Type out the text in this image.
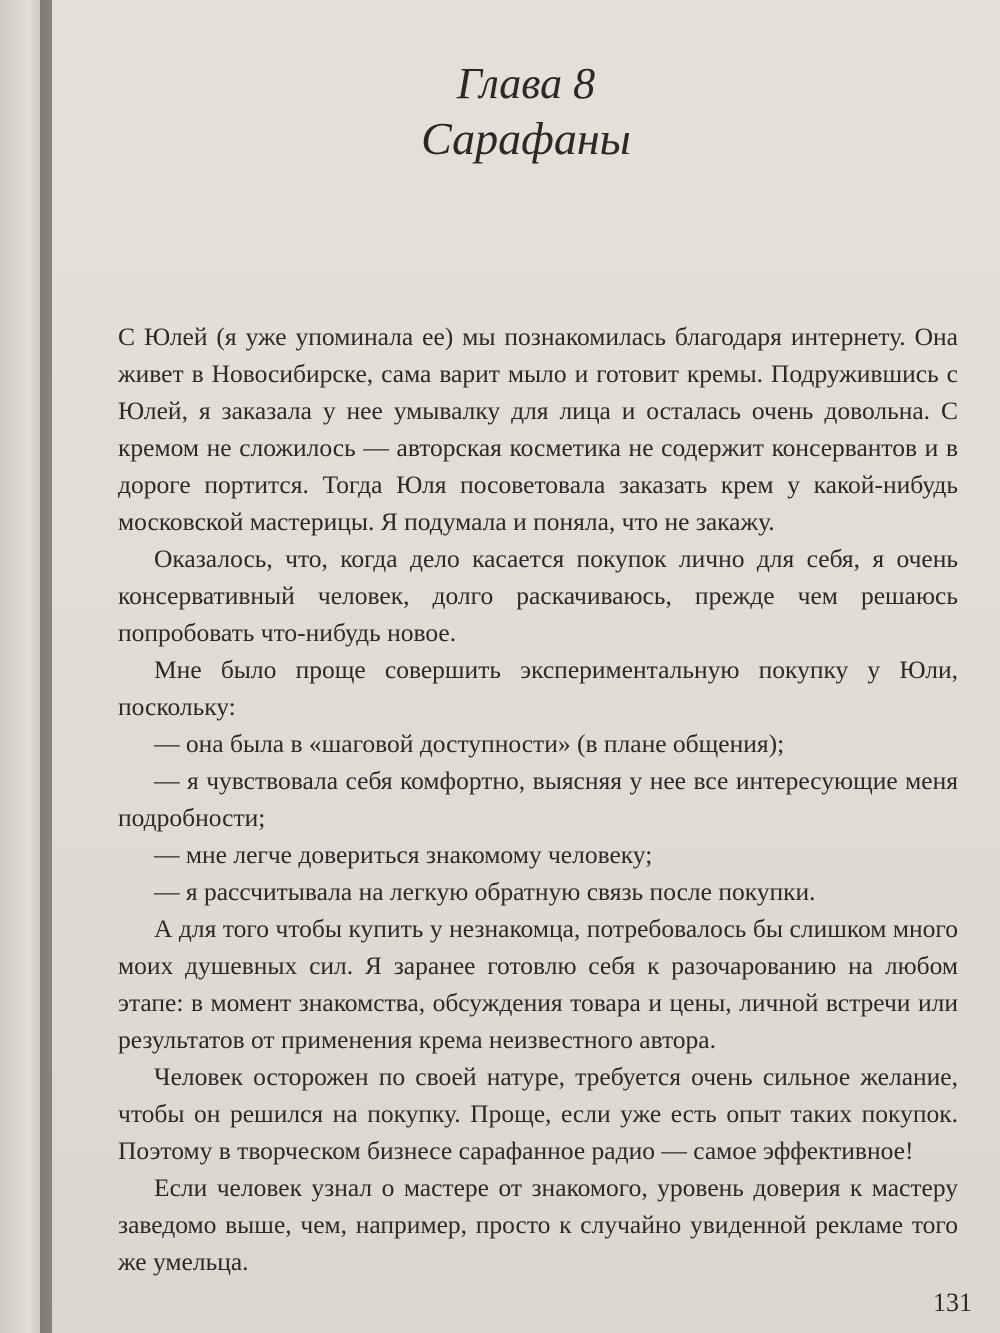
Глава 8
Сарафаны

С Юлей (я уже упоминала ее) мы познакомилась благодаря интернету. Она живет в Новосибирске, сама варит мыло и готовит кремы. Подружившись с Юлей, я заказала у нее умывалку для лица и осталась очень довольна. С кремом не сложилось — авторская косметика не содержит консервантов и в дороге портится. Тогда Юля посоветовала заказать крем у какой-нибудь московской мастерицы. Я подумала и поняла, что не закажу.

Оказалось, что, когда дело касается покупок лично для себя, я очень консервативный человек, долго раскачиваюсь, прежде чем решаюсь попробовать что-нибудь новое.

Мне было проще совершить экспериментальную покупку у Юли, поскольку:

— она была в «шаговой доступности» (в плане общения);

— я чувствовала себя комфортно, выясняя у нее все интересующие меня подробности;

— мне легче довериться знакомому человеку;

— я рассчитывала на легкую обратную связь после покупки.

А для того чтобы купить у незнакомца, потребовалось бы слишком много моих душевных сил. Я заранее готовлю себя к разочарованию на любом этапе: в момент знакомства, обсуждения товара и цены, личной встречи или результатов от применения крема неизвестного автора.

Человек осторожен по своей натуре, требуется очень сильное желание, чтобы он решился на покупку. Проще, если уже есть опыт таких покупок. Поэтому в творческом бизнесе сарафанное радио — самое эффективное!

Если человек узнал о мастере от знакомого, уровень доверия к мастеру заведомо выше, чем, например, просто к случайно увиденной рекламе того же умельца.

131
